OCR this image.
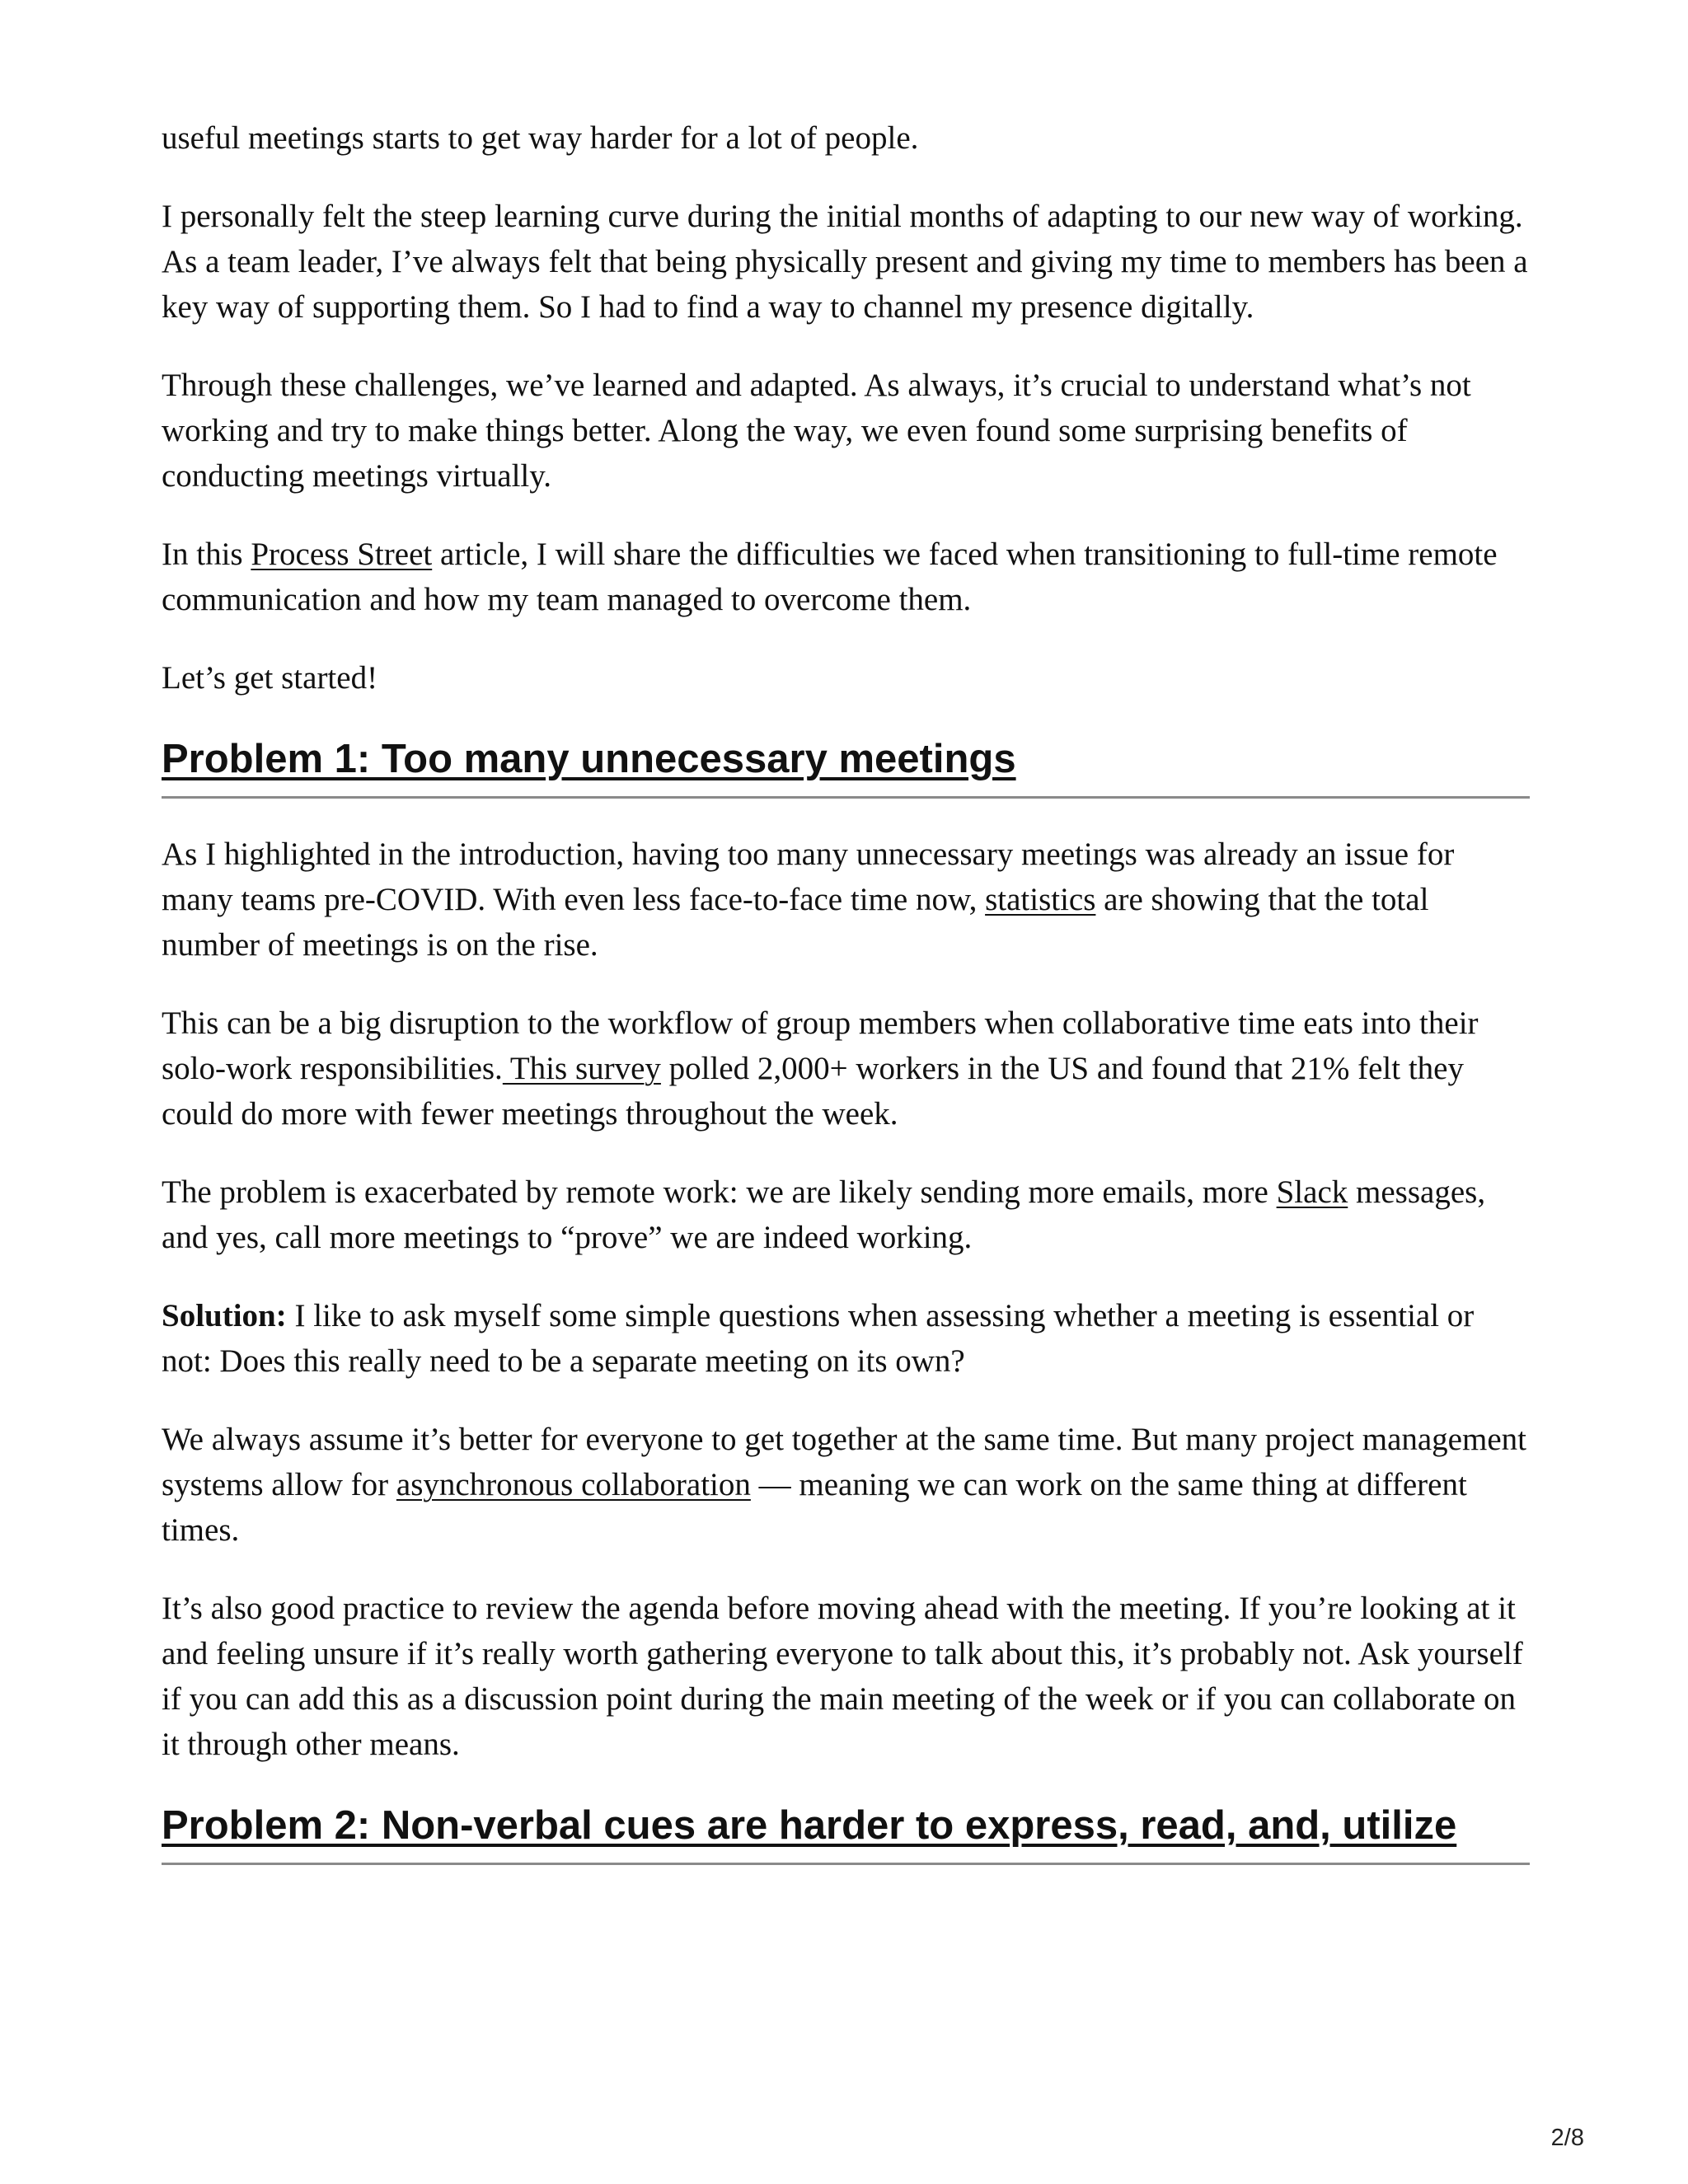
useful meetings starts to get way harder for a lot of people.

I personally felt the steep learning curve during the initial months of adapting to our new way of working. As a team leader, I’ve always felt that being physically present and giving my time to members has been a key way of supporting them. So I had to find a way to channel my presence digitally.

Through these challenges, we’ve learned and adapted. As always, it’s crucial to understand what’s not working and try to make things better. Along the way, we even found some surprising benefits of conducting meetings virtually.

In this Process Street article, I will share the difficulties we faced when transitioning to full-time remote communication and how my team managed to overcome them.

Let’s get started!

Problem 1: Too many unnecessary meetings

As I highlighted in the introduction, having too many unnecessary meetings was already an issue for many teams pre-COVID. With even less face-to-face time now, statistics are showing that the total number of meetings is on the rise.

This can be a big disruption to the workflow of group members when collaborative time eats into their solo-work responsibilities. This survey polled 2,000+ workers in the US and found that 21% felt they could do more with fewer meetings throughout the week.

The problem is exacerbated by remote work: we are likely sending more emails, more Slack messages, and yes, call more meetings to “prove” we are indeed working.

Solution: I like to ask myself some simple questions when assessing whether a meeting is essential or not: Does this really need to be a separate meeting on its own?

We always assume it’s better for everyone to get together at the same time. But many project management systems allow for asynchronous collaboration — meaning we can work on the same thing at different times.

It’s also good practice to review the agenda before moving ahead with the meeting. If you’re looking at it and feeling unsure if it’s really worth gathering everyone to talk about this, it’s probably not. Ask yourself if you can add this as a discussion point during the main meeting of the week or if you can collaborate on it through other means.

Problem 2: Non-verbal cues are harder to express, read, and, utilize
2/8
